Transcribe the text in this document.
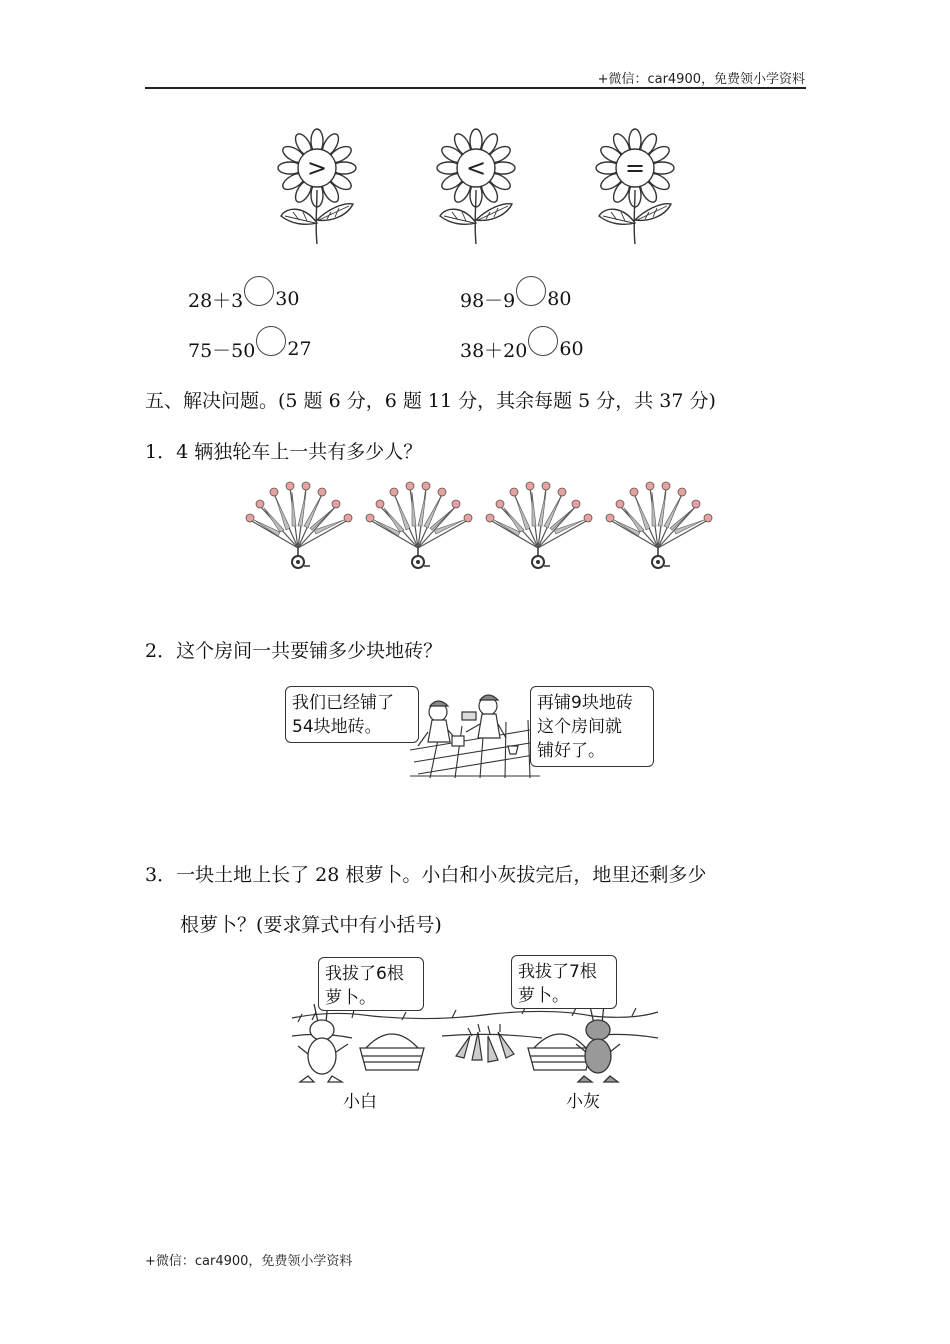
+微信：car4900，免费领小学资料
>	<	=
28＋3 30	98－9 80
75－50 27	38＋20 60
五、解决问题。(5 题 6 分，6 题 11 分，其余每题 5 分，共 37 分)
1．4 辆独轮车上一共有多少人？
2．这个房间一共要铺多少块地砖？
我们已经铺了
54块地砖。
再铺9块地砖
这个房间就
铺好了。
3．一块土地上长了 28 根萝卜。小白和小灰拔完后，地里还剩多少
根萝卜？(要求算式中有小括号)
我拔了6根
萝卜。
我拔了7根
萝卜。
小白	小灰
+微信：car4900，免费领小学资料
